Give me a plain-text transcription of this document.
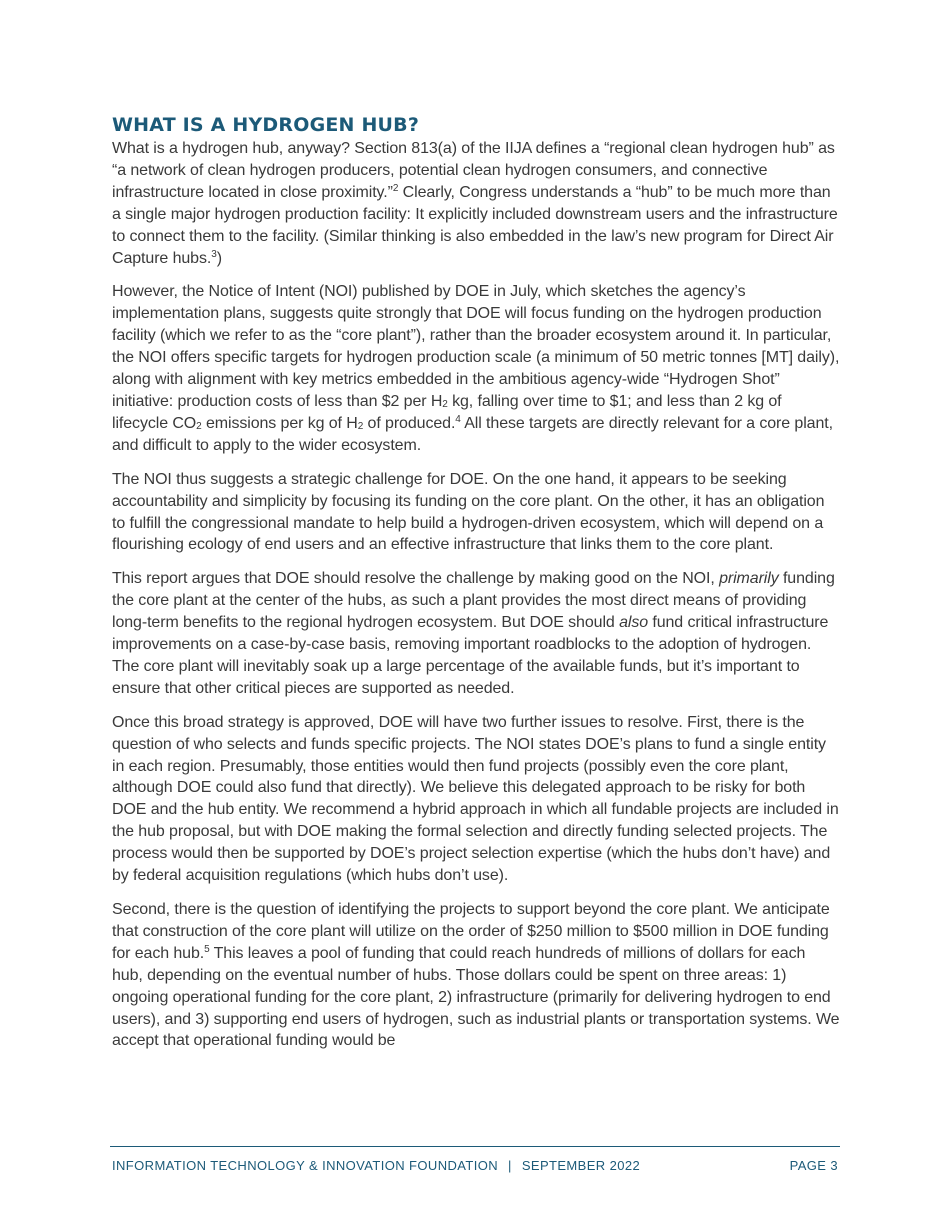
WHAT IS A HYDROGEN HUB?

What is a hydrogen hub, anyway? Section 813(a) of the IIJA defines a “regional clean hydrogen hub” as “a network of clean hydrogen producers, potential clean hydrogen consumers, and connective infrastructure located in close proximity.”$^2$ Clearly, Congress understands a “hub” to be much more than a single major hydrogen production facility: It explicitly included downstream users and the infrastructure to connect them to the facility. (Similar thinking is also embedded in the law’s new program for Direct Air Capture hubs.$^3$)

However, the Notice of Intent (NOI) published by DOE in July, which sketches the agency’s implementation plans, suggests quite strongly that DOE will focus funding on the hydrogen production facility (which we refer to as the “core plant”), rather than the broader ecosystem around it. In particular, the NOI offers specific targets for hydrogen production scale (a minimum of 50 metric tonnes [MT] daily), along with alignment with key metrics embedded in the ambitious agency-wide “Hydrogen Shot” initiative: production costs of less than $2 per $H_2$ kg, falling over time to $1; and less than 2 kg of lifecycle $CO_2$ emissions per kg of $H_2$ of produced.$^4$ All these targets are directly relevant for a core plant, and difficult to apply to the wider ecosystem.

The NOI thus suggests a strategic challenge for DOE. On the one hand, it appears to be seeking accountability and simplicity by focusing its funding on the core plant. On the other, it has an obligation to fulfill the congressional mandate to help build a hydrogen-driven ecosystem, which will depend on a flourishing ecology of end users and an effective infrastructure that links them to the core plant.

This report argues that DOE should resolve the challenge by making good on the NOI, primarily funding the core plant at the center of the hubs, as such a plant provides the most direct means of providing long-term benefits to the regional hydrogen ecosystem. But DOE should also fund critical infrastructure improvements on a case-by-case basis, removing important roadblocks to the adoption of hydrogen. The core plant will inevitably soak up a large percentage of the available funds, but it’s important to ensure that other critical pieces are supported as needed.

Once this broad strategy is approved, DOE will have two further issues to resolve. First, there is the question of who selects and funds specific projects. The NOI states DOE’s plans to fund a single entity in each region. Presumably, those entities would then fund projects (possibly even the core plant, although DOE could also fund that directly). We believe this delegated approach to be risky for both DOE and the hub entity. We recommend a hybrid approach in which all fundable projects are included in the hub proposal, but with DOE making the formal selection and directly funding selected projects. The process would then be supported by DOE’s project selection expertise (which the hubs don’t have) and by federal acquisition regulations (which hubs don’t use).

Second, there is the question of identifying the projects to support beyond the core plant. We anticipate that construction of the core plant will utilize on the order of $250 million to $500 million in DOE funding for each hub.$^5$ This leaves a pool of funding that could reach hundreds of millions of dollars for each hub, depending on the eventual number of hubs. Those dollars could be spent on three areas: 1) ongoing operational funding for the core plant, 2) infrastructure (primarily for delivering hydrogen to end users), and 3) supporting end users of hydrogen, such as industrial plants or transportation systems. We accept that operational funding would be

INFORMATION TECHNOLOGY & INNOVATION FOUNDATION | SEPTEMBER 2022	PAGE 3
